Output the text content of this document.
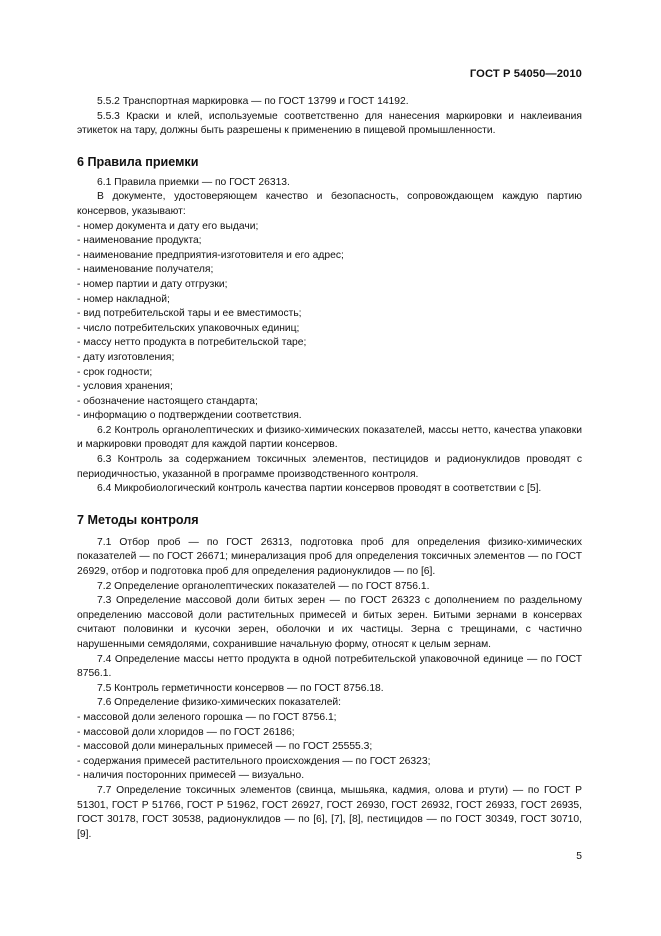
ГОСТ Р 54050—2010

5.5.2 Транспортная маркировка — по ГОСТ 13799 и ГОСТ 14192.

5.5.3 Краски и клей, используемые соответственно для нанесения маркировки и наклеивания этикеток на тару, должны быть разрешены к применению в пищевой промышленности.

6 Правила приемки

6.1 Правила приемки — по ГОСТ 26313.

В документе, удостоверяющем качество и безопасность, сопровождающем каждую партию консервов, указывают:

- номер документа и дату его выдачи;

- наименование продукта;

- наименование предприятия-изготовителя и его адрес;

- наименование получателя;

- номер партии и дату отгрузки;

- номер накладной;

- вид потребительской тары и ее вместимость;

- число потребительских упаковочных единиц;

- массу нетто продукта в потребительской таре;

- дату изготовления;

- срок годности;

- условия хранения;

- обозначение настоящего стандарта;

- информацию о подтверждении соответствия.

6.2 Контроль органолептических и физико-химических показателей, массы нетто, качества упаковки и маркировки проводят для каждой партии консервов.

6.3 Контроль за содержанием токсичных элементов, пестицидов и радионуклидов проводят с периодичностью, указанной в программе производственного контроля.

6.4 Микробиологический контроль качества партии консервов проводят в соответствии с [5].

7 Методы контроля

7.1 Отбор проб — по ГОСТ 26313, подготовка проб для определения физико-химических показателей — по ГОСТ 26671; минерализация проб для определения токсичных элементов — по ГОСТ 26929, отбор и подготовка проб для определения радионуклидов — по [6].

7.2 Определение органолептических показателей — по ГОСТ 8756.1.

7.3 Определение массовой доли битых зерен — по ГОСТ 26323 с дополнением по раздельному определению массовой доли растительных примесей и битых зерен. Битыми зернами в консервах считают половинки и кусочки зерен, оболочки и их частицы. Зерна с трещинами, с частично нарушенными семядолями, сохранившие начальную форму, относят к целым зернам.

7.4 Определение массы нетто продукта в одной потребительской упаковочной единице — по ГОСТ 8756.1.

7.5 Контроль герметичности консервов — по ГОСТ 8756.18.

7.6 Определение физико-химических показателей:

- массовой доли зеленого горошка — по ГОСТ 8756.1;

- массовой доли хлоридов — по ГОСТ 26186;

- массовой доли минеральных примесей — по ГОСТ 25555.3;

- содержания примесей растительного происхождения — по ГОСТ 26323;

- наличия посторонних примесей — визуально.

7.7 Определение токсичных элементов (свинца, мышьяка, кадмия, олова и ртути) — по ГОСТ Р 51301, ГОСТ Р 51766, ГОСТ Р 51962, ГОСТ 26927, ГОСТ 26930, ГОСТ 26932, ГОСТ 26933, ГОСТ 26935, ГОСТ 30178, ГОСТ 30538, радионуклидов — по [6], [7], [8], пестицидов — по ГОСТ 30349, ГОСТ 30710, [9].

5
